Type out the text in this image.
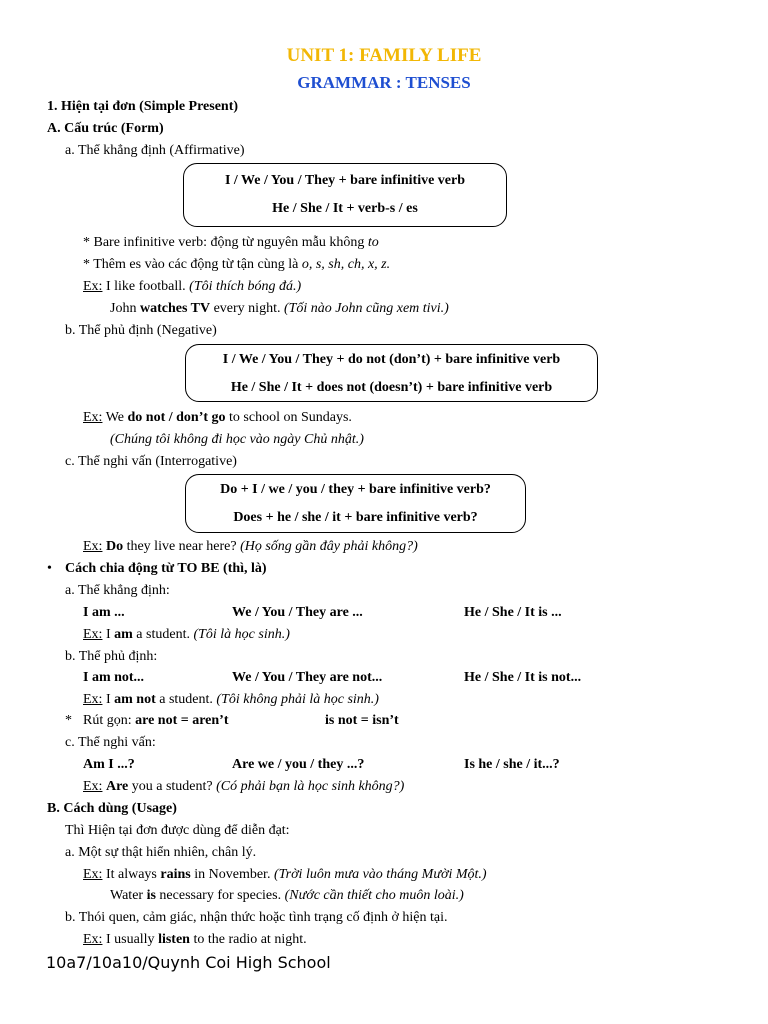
UNIT 1: FAMILY LIFE
GRAMMAR : TENSES
1. Hiện tại đơn (Simple Present)
A. Cấu trúc (Form)
a. Thể khẳng định (Affirmative)
I / We / You / They + bare infinitive verb
He / She / It + verb-s / es
* Bare infinitive verb: động từ nguyên mẫu không to
* Thêm es vào các động từ tận cùng là o, s, sh, ch, x, z.
Ex: I like football. (Tôi thích bóng đá.)
John watches TV every night. (Tối nào John cũng xem tivi.)
b. Thể phủ định (Negative)
I / We / You / They + do not (don’t) + bare infinitive verb
He / She / It + does not (doesn’t) + bare infinitive verb
Ex: We do not / don’t go to school on Sundays.
(Chúng tôi không đi học vào ngày Chủ nhật.)
c. Thể nghi vấn (Interrogative)
Do + I / we / you / they + bare infinitive verb?
Does + he / she / it + bare infinitive verb?
Ex: Do they live near here? (Họ sống gần đây phải không?)
• Cách chia động từ TO BE (thì, là)
a. Thể khẳng định:
I am ...	We / You / They are ...	He / She / It is ...
Ex: I am a student. (Tôi là học sinh.)
b. Thể phủ định:
I am not...	We / You / They are not...	He / She / It is not...
Ex: I am not a student. (Tôi không phải là học sinh.)
* Rút gọn: are not = aren’t	is not = isn’t
c. Thể nghi vấn:
Am I ...?	Are we / you / they ...?	Is he / she / it...?
Ex: Are you a student? (Có phải bạn là học sinh không?)
B. Cách dùng (Usage)
Thì Hiện tại đơn được dùng để diễn đạt:
a. Một sự thật hiển nhiên, chân lý.
Ex: It always rains in November. (Trời luôn mưa vào tháng Mười Một.)
Water is necessary for species. (Nước cần thiết cho muôn loài.)
b. Thói quen, cảm giác, nhận thức hoặc tình trạng cố định ở hiện tại.
Ex: I usually listen to the radio at night.
10a7/10a10/Quynh Coi High School
